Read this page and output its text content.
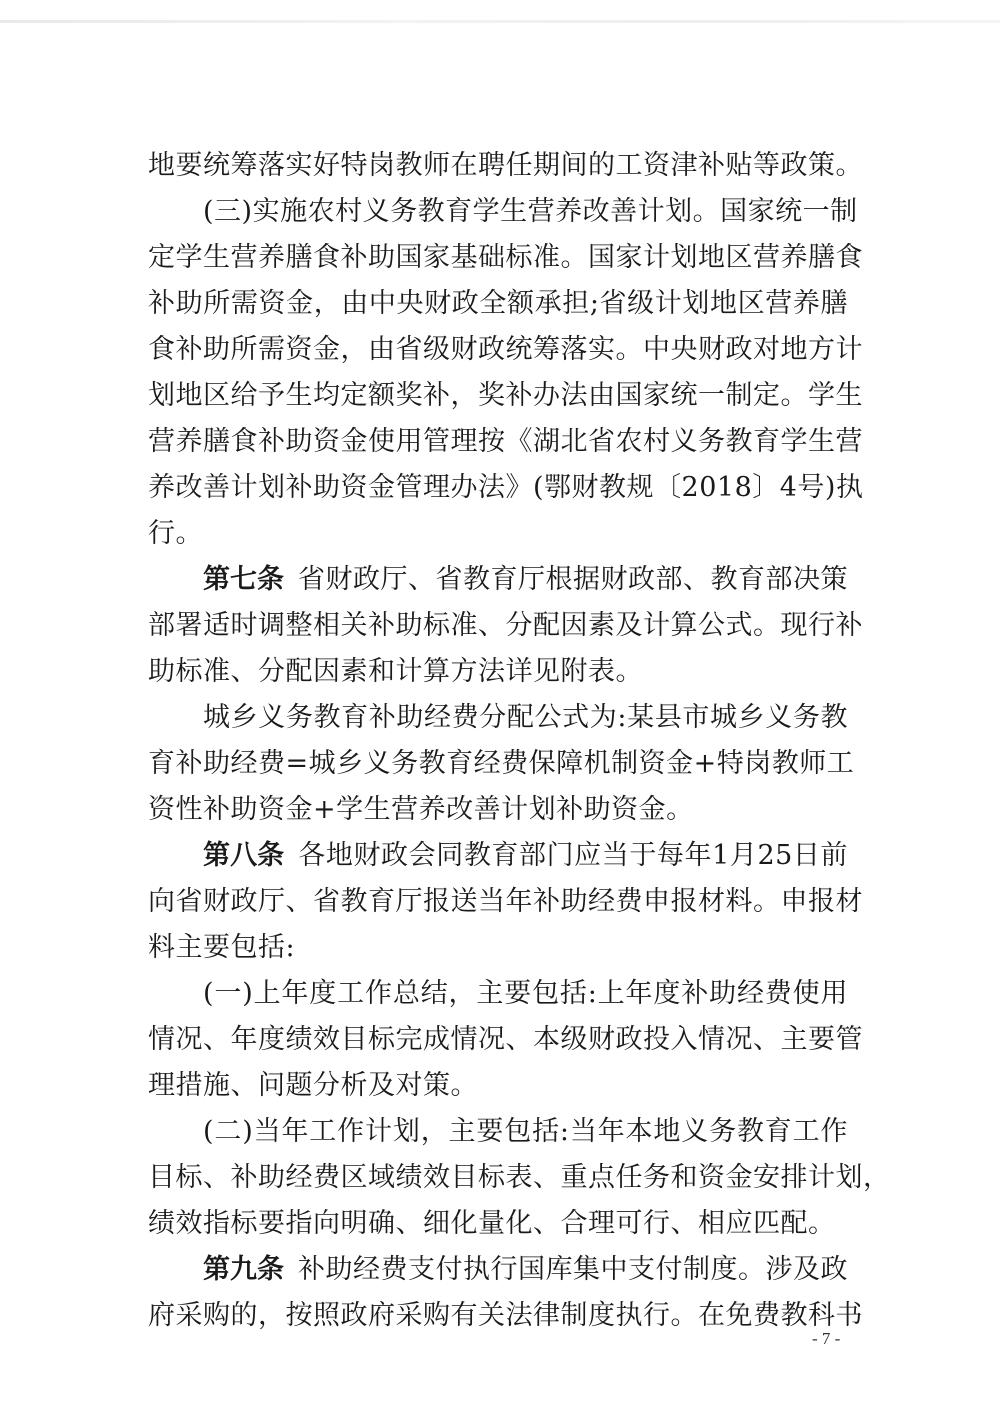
地要统筹落实好特岗教师在聘任期间的工资津补贴等政策。
(三)实施农村义务教育学生营养改善计划。国家统一制
定学生营养膳食补助国家基础标准。国家计划地区营养膳食
补助所需资金，由中央财政全额承担;省级计划地区营养膳
食补助所需资金，由省级财政统筹落实。中央财政对地方计
划地区给予生均定额奖补，奖补办法由国家统一制定。学生
营养膳食补助资金使用管理按《湖北省农村义务教育学生营
养改善计划补助资金管理办法》(鄂财教规〔2018〕4号)执
行。
第七条 省财政厅、省教育厅根据财政部、教育部决策
部署适时调整相关补助标准、分配因素及计算公式。现行补
助标准、分配因素和计算方法详见附表。
城乡义务教育补助经费分配公式为:某县市城乡义务教
育补助经费=城乡义务教育经费保障机制资金+特岗教师工
资性补助资金+学生营养改善计划补助资金。
第八条 各地财政会同教育部门应当于每年1月25日前
向省财政厅、省教育厅报送当年补助经费申报材料。申报材
料主要包括:
(一)上年度工作总结，主要包括:上年度补助经费使用
情况、年度绩效目标完成情况、本级财政投入情况、主要管
理措施、问题分析及对策。
(二)当年工作计划，主要包括:当年本地义务教育工作
目标、补助经费区域绩效目标表、重点任务和资金安排计划，
绩效指标要指向明确、细化量化、合理可行、相应匹配。
第九条 补助经费支付执行国库集中支付制度。涉及政
府采购的，按照政府采购有关法律制度执行。在免费教科书
- 7 -
